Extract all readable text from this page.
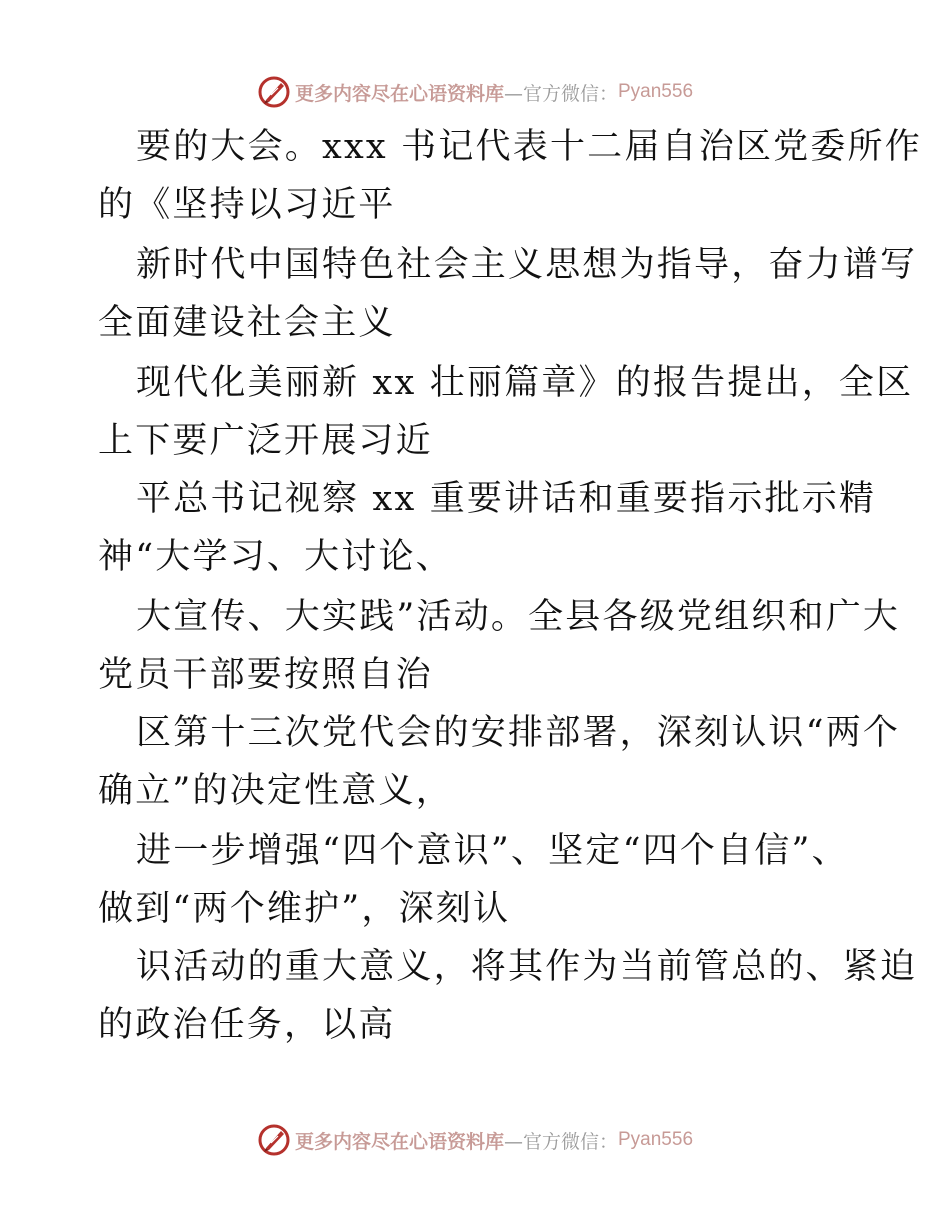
更多内容尽在心语资料库 —官方微信： Pyan556
要的大会。xxx 书记代表十二届自治区党委所作
的《坚持以习近平
新时代中国特色社会主义思想为指导，奋力谱写
全面建设社会主义
现代化美丽新 xx 壮丽篇章》的报告提出，全区
上下要广泛开展习近
平总书记视察 xx 重要讲话和重要指示批示精
神“大学习、大讨论、
大宣传、大实践”活动。全县各级党组织和广大
党员干部要按照自治
区第十三次党代会的安排部署，深刻认识“两个
确立”的决定性意义，
进一步增强“四个意识”、坚定“四个自信”、
做到“两个维护”，深刻认
识活动的重大意义，将其作为当前管总的、紧迫
的政治任务，以高
更多内容尽在心语资料库 —官方微信： Pyan556
